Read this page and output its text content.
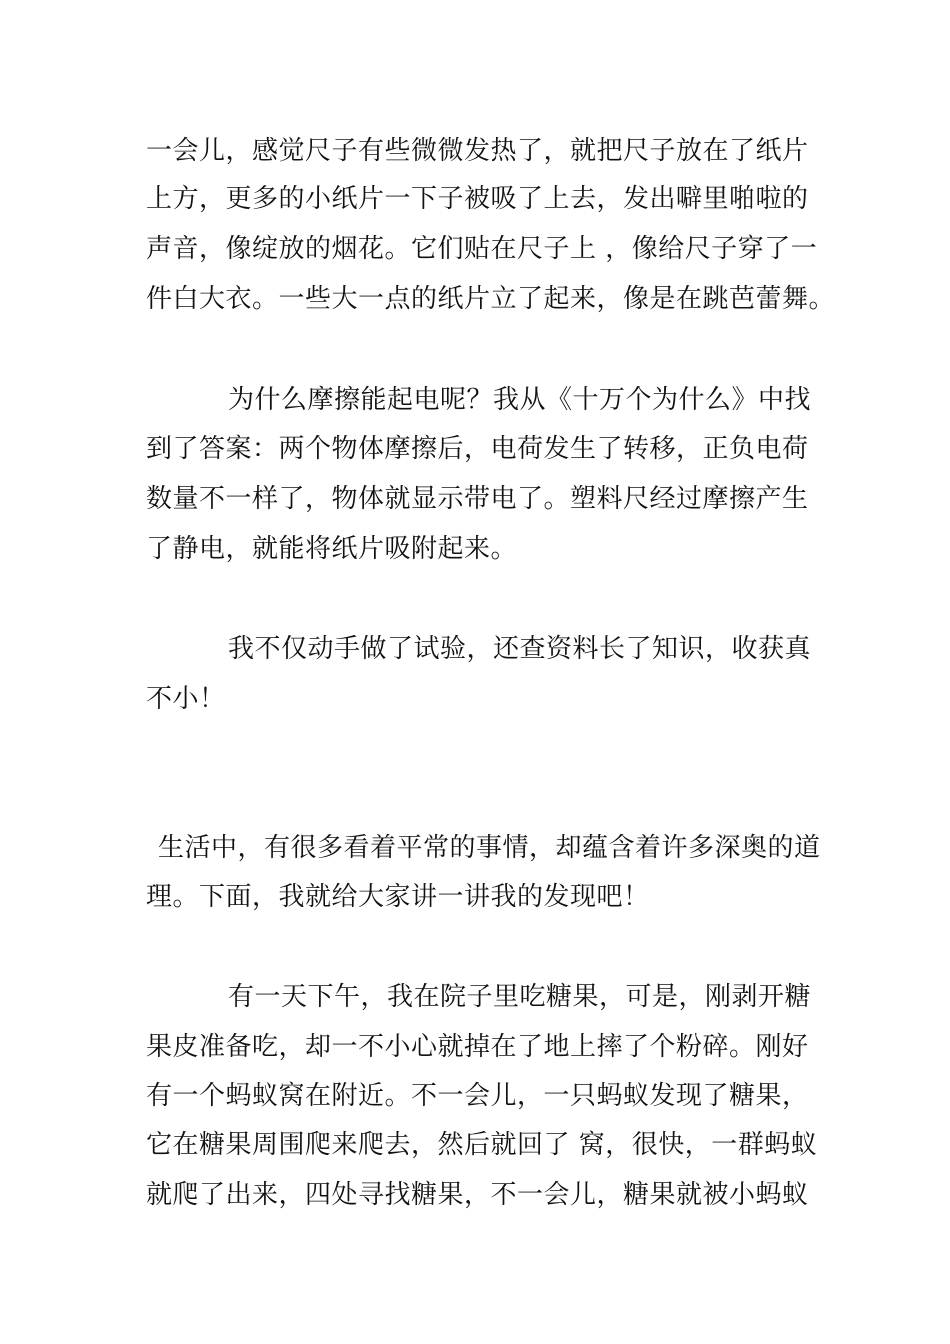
一会儿，感觉尺子有些微微发热了，就把尺子放在了纸片
上方，更多的小纸片一下子被吸了上去，发出噼里啪啦的
声音，像绽放的烟花。它们贴在尺子上 ，像给尺子穿了一
件白大衣。一些大一点的纸片立了起来，像是在跳芭蕾舞。
为什么摩擦能起电呢？我从《十万个为什么》中找
到了答案：两个物体摩擦后，电荷发生了转移，正负电荷
数量不一样了，物体就显示带电了。塑料尺经过摩擦产生
了静电，就能将纸片吸附起来。
我不仅动手做了试验，还查资料长了知识，收获真
不小！
生活中，有很多看着平常的事情，却蕴含着许多深奥的道
理。下面，我就给大家讲一讲我的发现吧！
有一天下午，我在院子里吃糖果，可是，刚剥开糖
果皮准备吃，却一不小心就掉在了地上摔了个粉碎。刚好
有一个蚂蚁窝在附近。不一会儿，一只蚂蚁发现了糖果，
它在糖果周围爬来爬去，然后就回了 窝，很快，一群蚂蚁
就爬了出来，四处寻找糖果，不一会儿，糖果就被小蚂蚁
